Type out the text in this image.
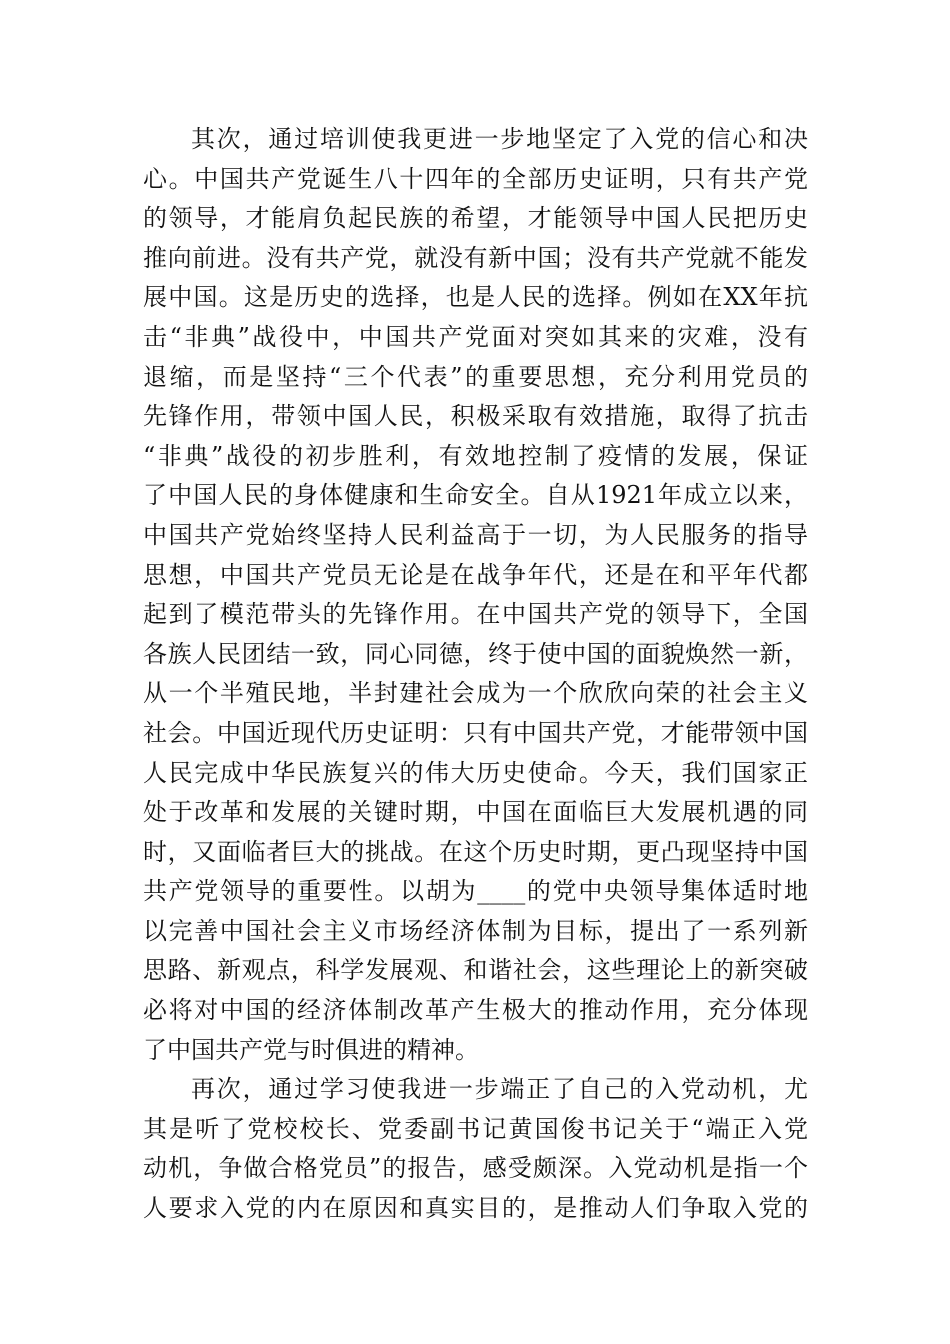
其次，通过培训使我更进一步地坚定了入党的信心和决
心。中国共产党诞生八十四年的全部历史证明，只有共产党
的领导，才能肩负起民族的希望，才能领导中国人民把历史
推向前进。没有共产党，就没有新中国；没有共产党就不能发
展中国。这是历史的选择，也是人民的选择。例如在XX年抗
击“非典”战役中，中国共产党面对突如其来的灾难，没有
退缩，而是坚持“三个代表”的重要思想，充分利用党员的
先锋作用，带领中国人民，积极采取有效措施，取得了抗击
“非典”战役的初步胜利，有效地控制了疫情的发展，保证
了中国人民的身体健康和生命安全。自从1921年成立以来，
中国共产党始终坚持人民利益高于一切，为人民服务的指导
思想，中国共产党员无论是在战争年代，还是在和平年代都
起到了模范带头的先锋作用。在中国共产党的领导下，全国
各族人民团结一致，同心同德，终于使中国的面貌焕然一新，
从一个半殖民地，半封建社会成为一个欣欣向荣的社会主义
社会。中国近现代历史证明：只有中国共产党，才能带领中国
人民完成中华民族复兴的伟大历史使命。今天，我们国家正
处于改革和发展的关键时期，中国在面临巨大发展机遇的同
时，又面临者巨大的挑战。在这个历史时期，更凸现坚持中国
共产党领导的重要性。以胡为____的党中央领导集体适时地
以完善中国社会主义市场经济体制为目标，提出了一系列新
思路、新观点，科学发展观、和谐社会，这些理论上的新突破
必将对中国的经济体制改革产生极大的推动作用，充分体现
了中国共产党与时俱进的精神。
再次，通过学习使我进一步端正了自己的入党动机，尤
其是听了党校校长、党委副书记黄国俊书记关于“端正入党
动机，争做合格党员”的报告，感受颇深。入党动机是指一个
人要求入党的内在原因和真实目的，是推动人们争取入党的
